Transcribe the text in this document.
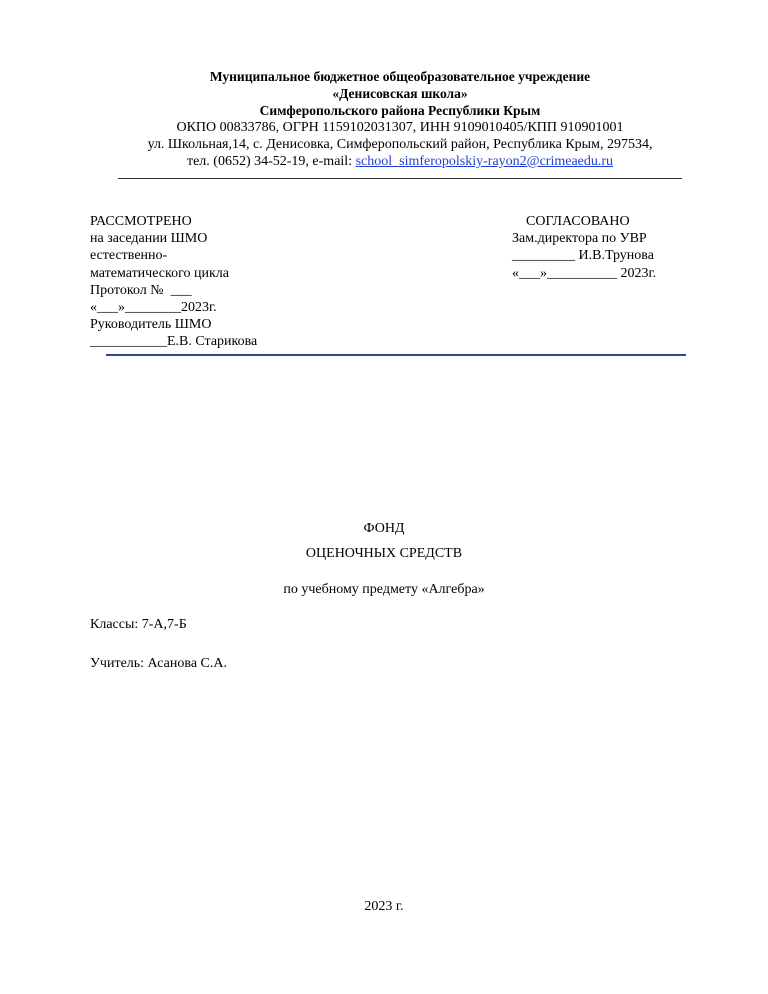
Муниципальное бюджетное общеобразовательное учреждение
«Денисовская школа»
Симферопольского района Республики Крым
ОКПО 00833786, ОГРН 1159102031307, ИНН 9109010405/КПП 910901001
ул. Школьная,14, с. Денисовка, Симферопольский район, Республика Крым, 297534,
тел. (0652) 34-52-19, e-mail: school_simferopolskiy-rayon2@crimeaedu.ru
РАССМОТРЕНО
на заседании ШМО
естественно-
математического цикла
Протокол №  ___
«___»________2023г.
Руководитель ШМО
___________Е.В. Старикова
СОГЛАСОВАНО
Зам.директора по УВР
_________ И.В.Трунова
«___»__________ 2023г.
ФОНД
ОЦЕНОЧНЫХ СРЕДСТВ
по учебному предмету «Алгебра»
Классы: 7-А,7-Б
Учитель: Асанова С.А.
2023 г.
